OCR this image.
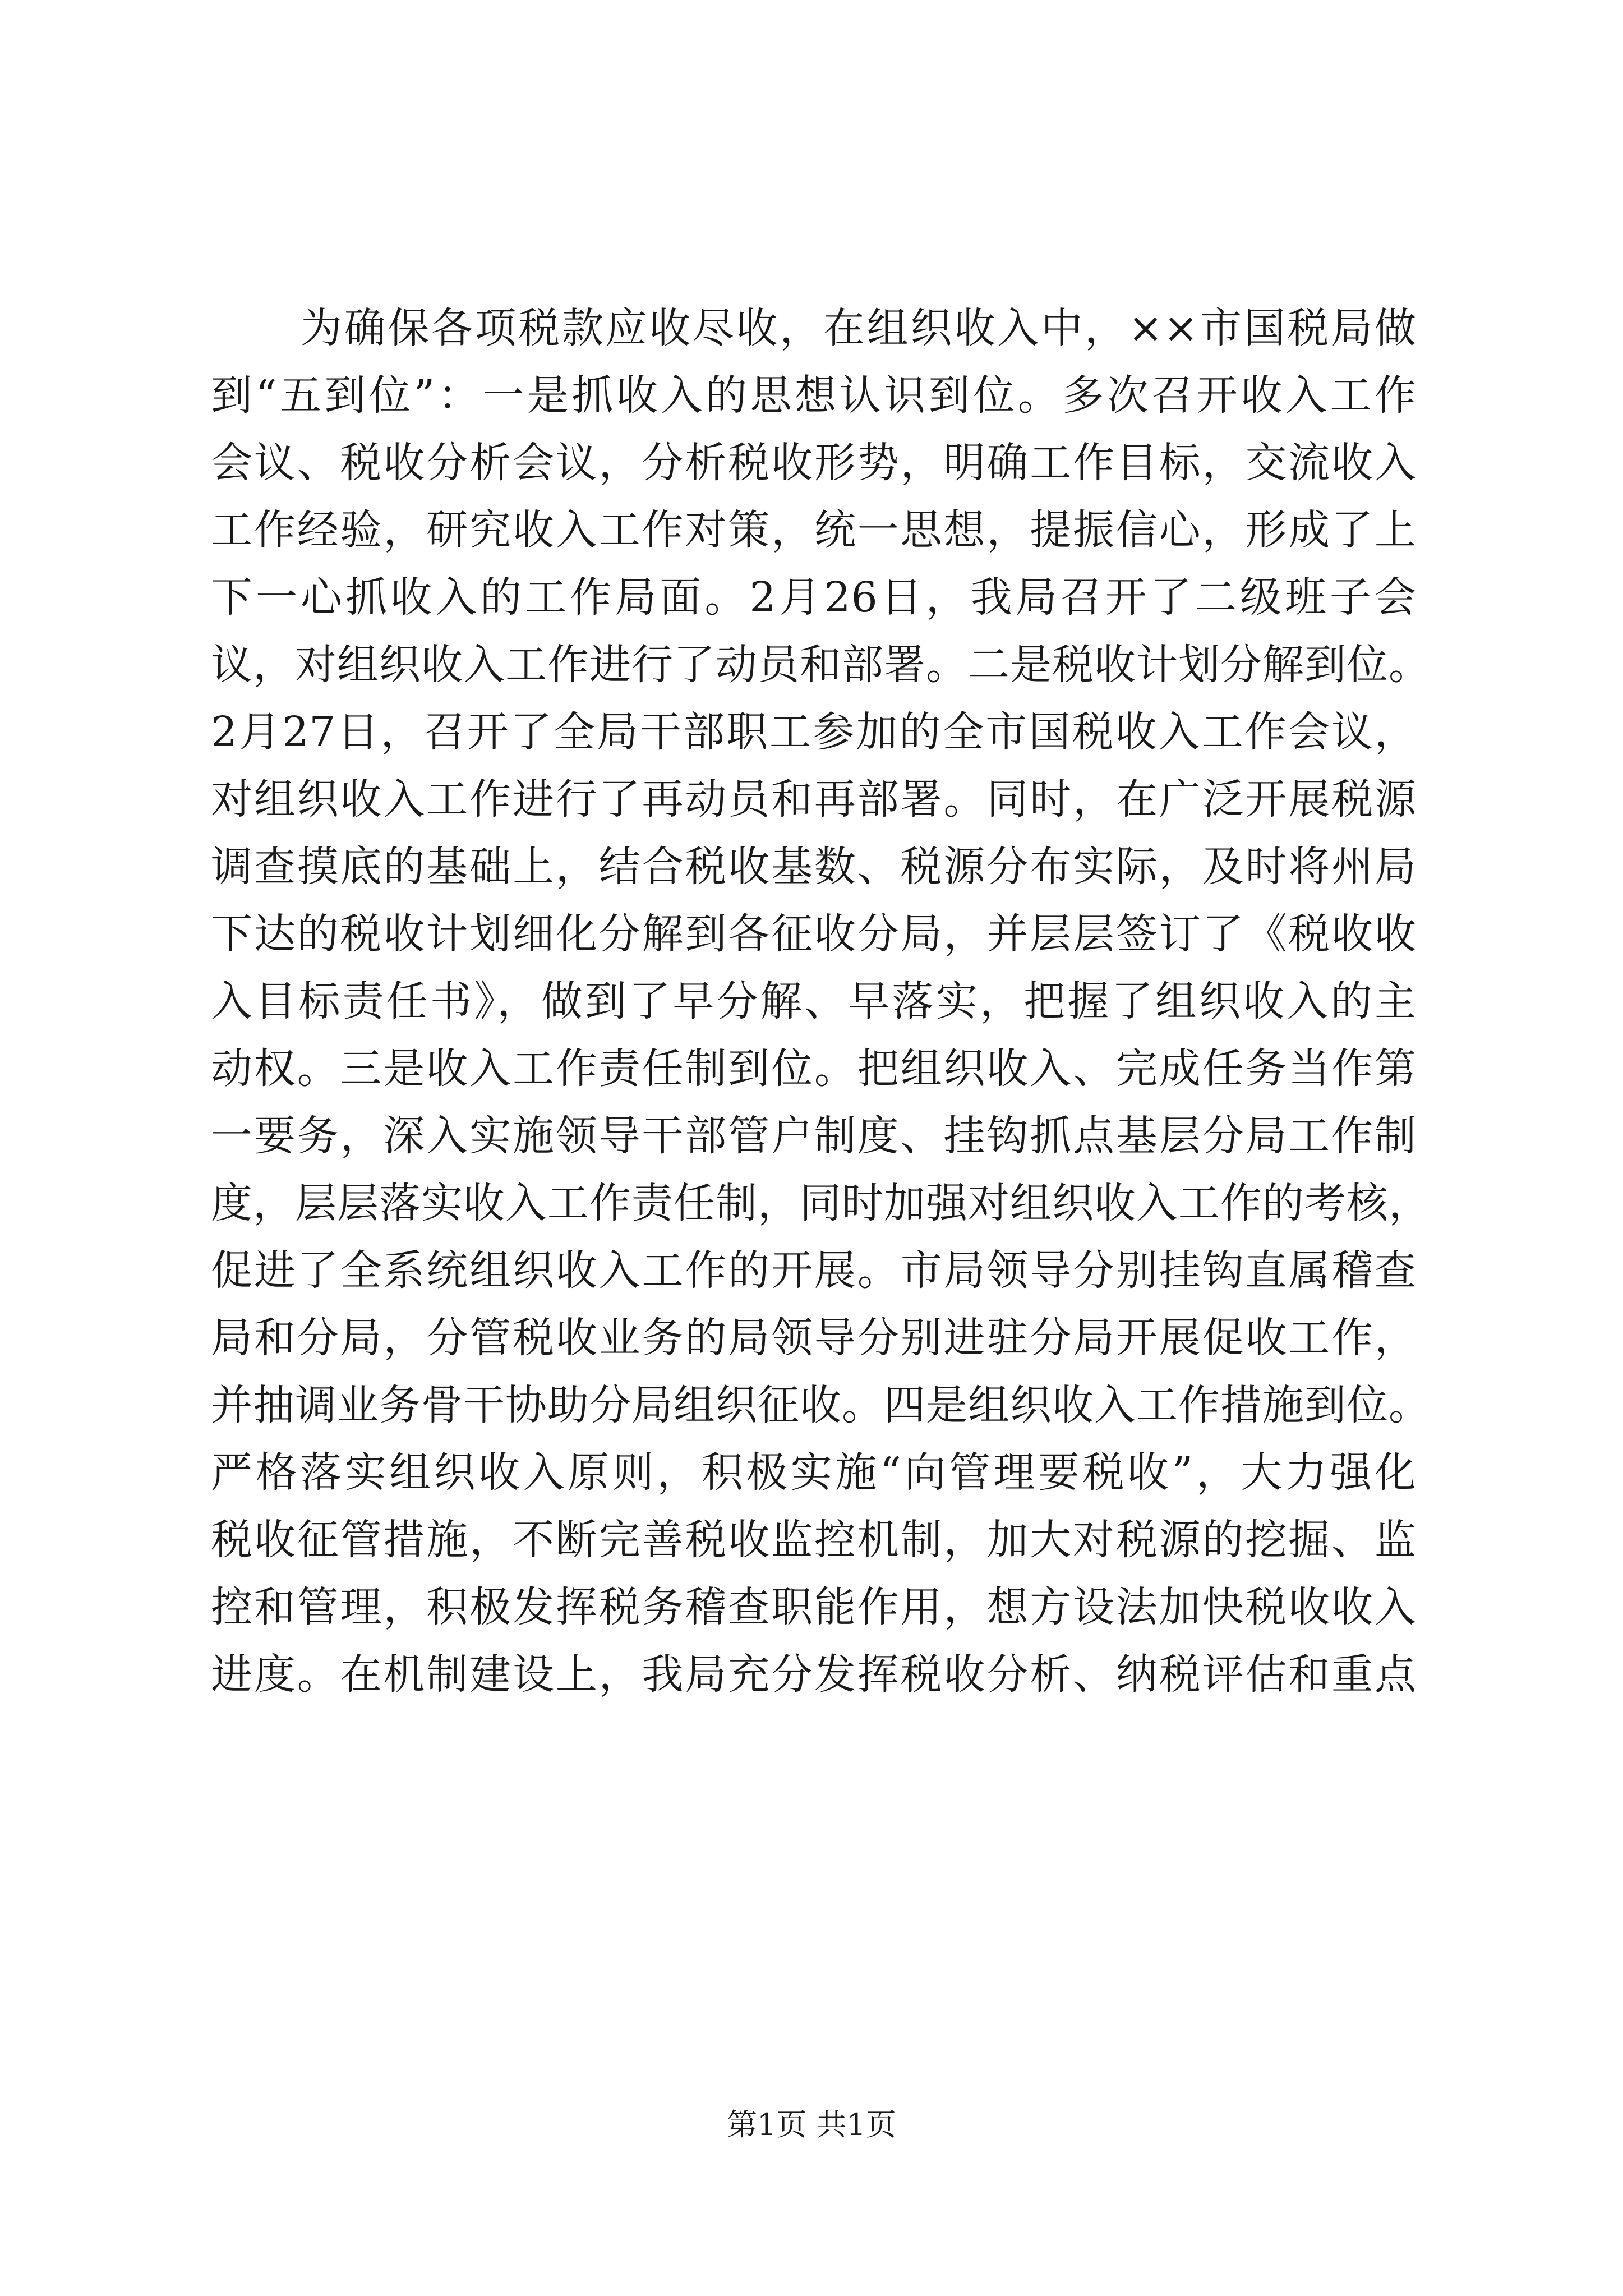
为确保各项税款应收尽收，在组织收入中，××市国税局做
到“五到位”：一是抓收入的思想认识到位。多次召开收入工作
会议、税收分析会议，分析税收形势，明确工作目标，交流收入
工作经验，研究收入工作对策，统一思想，提振信心，形成了上
下一心抓收入的工作局面。2月26日，我局召开了二级班子会
议，对组织收入工作进行了动员和部署。二是税收计划分解到位。
2月27日，召开了全局干部职工参加的全市国税收入工作会议，
对组织收入工作进行了再动员和再部署。同时，在广泛开展税源
调查摸底的基础上，结合税收基数、税源分布实际，及时将州局
下达的税收计划细化分解到各征收分局，并层层签订了《税收收
入目标责任书》，做到了早分解、早落实，把握了组织收入的主
动权。三是收入工作责任制到位。把组织收入、完成任务当作第
一要务，深入实施领导干部管户制度、挂钩抓点基层分局工作制
度，层层落实收入工作责任制，同时加强对组织收入工作的考核，
促进了全系统组织收入工作的开展。市局领导分别挂钩直属稽查
局和分局，分管税收业务的局领导分别进驻分局开展促收工作，
并抽调业务骨干协助分局组织征收。四是组织收入工作措施到位。
严格落实组织收入原则，积极实施“向管理要税收”，大力强化
税收征管措施，不断完善税收监控机制，加大对税源的挖掘、监
控和管理，积极发挥税务稽查职能作用，想方设法加快税收收入
进度。在机制建设上，我局充分发挥税收分析、纳税评估和重点
第1页 共1页
